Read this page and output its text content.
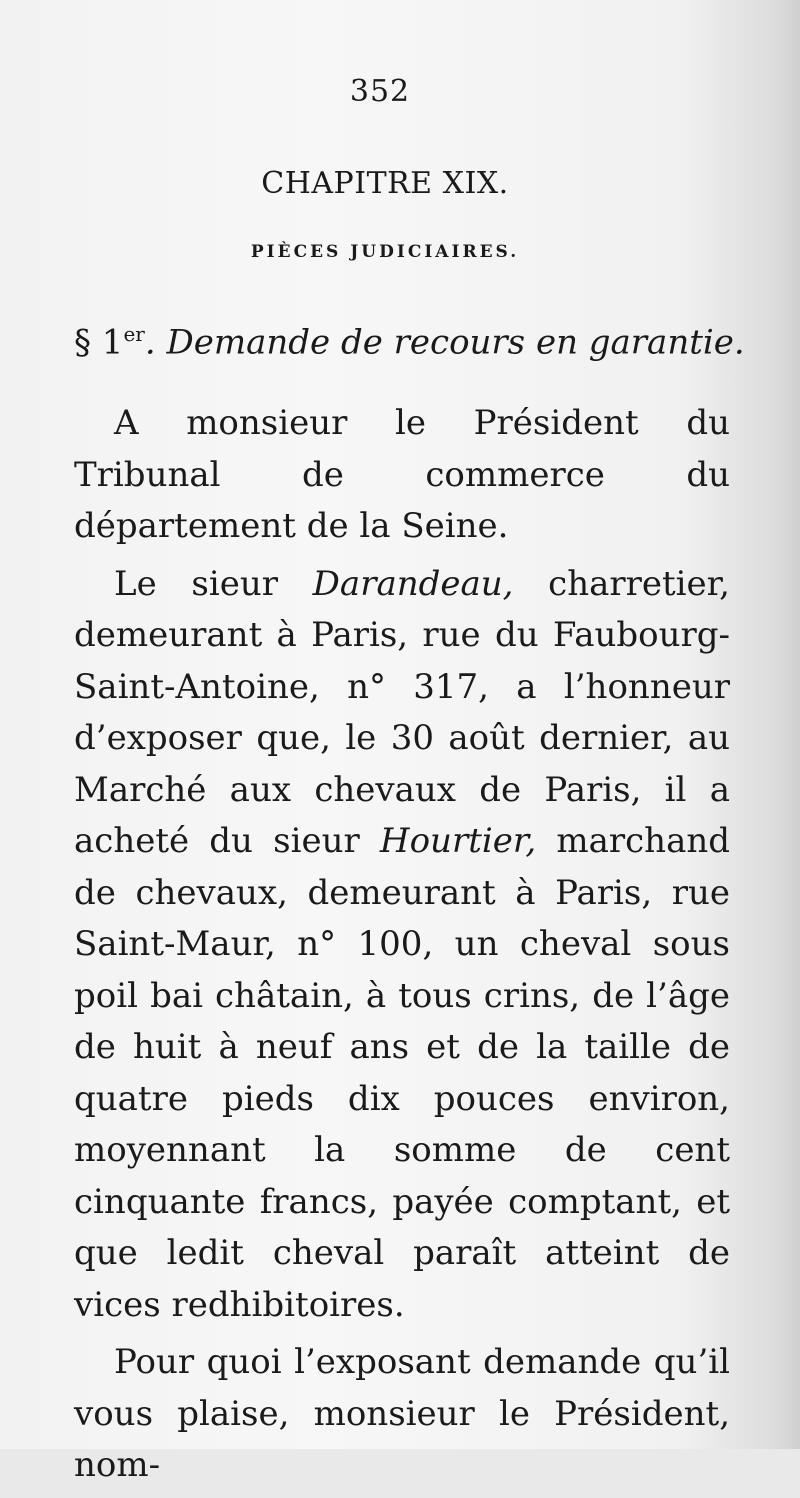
352
CHAPITRE XIX.
PIÈCES JUDICIAIRES.
§ 1er. Demande de recours en garantie.

A monsieur le Président du Tribunal de commerce du département de la Seine.

Le sieur Darandeau, charretier, demeurant à Paris, rue du Faubourg-Saint-Antoine, n° 317, a l’honneur d’exposer que, le 30 août dernier, au Marché aux chevaux de Paris, il a acheté du sieur Hourtier, marchand de chevaux, demeurant à Paris, rue Saint-Maur, n° 100, un cheval sous poil bai châtain, à tous crins, de l’âge de huit à neuf ans et de la taille de quatre pieds dix pouces environ, moyennant la somme de cent cinquante francs, payée comptant, et que ledit cheval paraît atteint de vices redhibitoires.

Pour quoi l’exposant demande qu’il vous plaise, monsieur le Président, nom-
